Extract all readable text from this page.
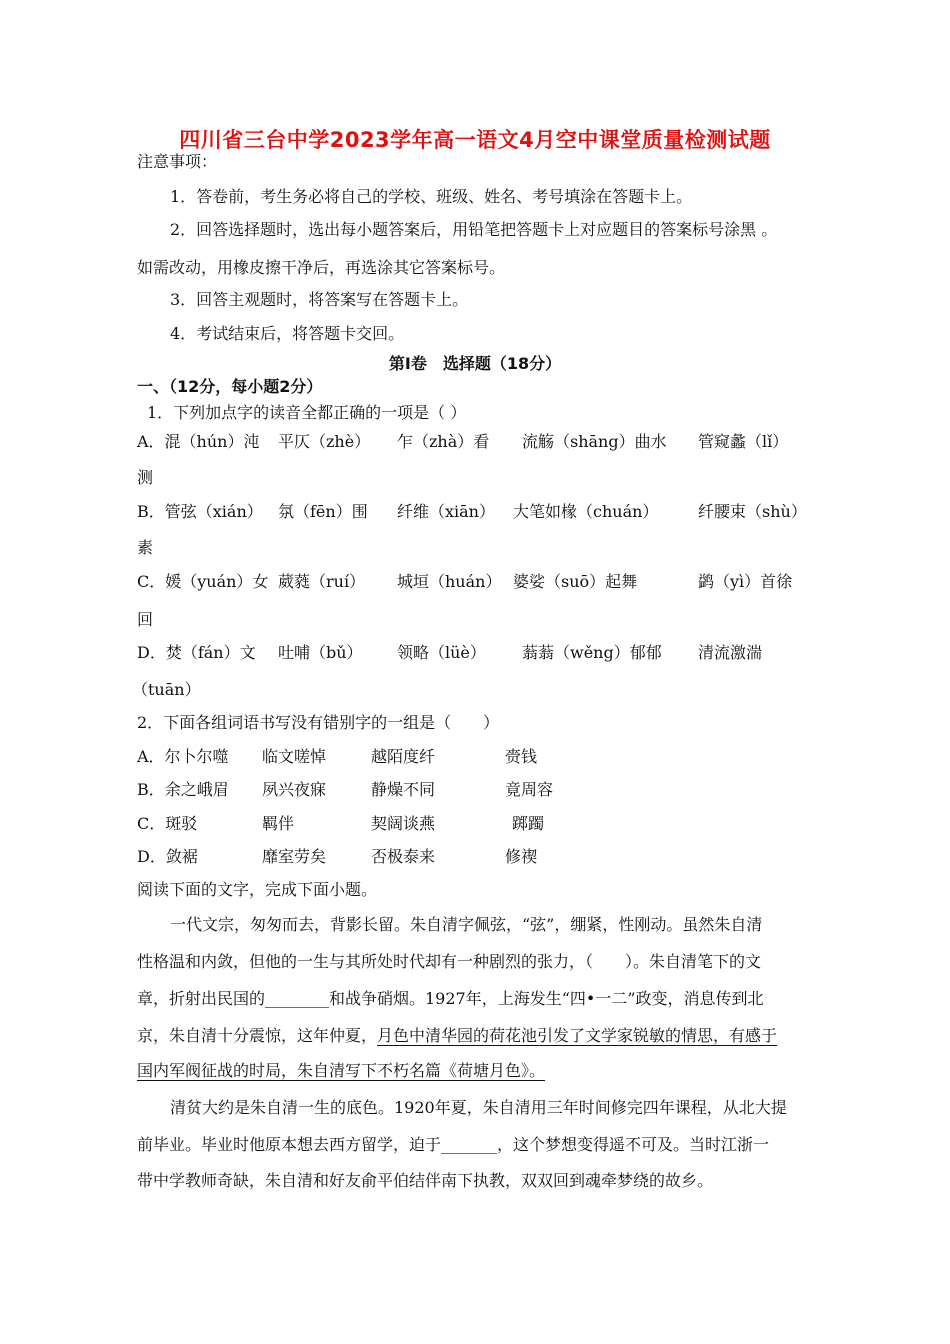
四川省三台中学2023学年高一语文4月空中课堂质量检测试题
注意事项：
1．答卷前，考生务必将自己的学校、班级、姓名、考号填涂在答题卡上。
2．回答选择题时，选出每小题答案后，用铅笔把答题卡上对应题目的答案标号涂黑 。
如需改动，用橡皮擦干净后，再选涂其它答案标号。
3．回答主观题时，将答案写在答题卡上。
4．考试结束后，将答题卡交回。
第Ⅰ卷　选择题（18分）
一、（12分，每小题2分）
1．下列加点字的读音全都正确的一项是（ ）
A．混（hún）沌 平仄（zhè） 乍（zhà）看 流觞（shāng）曲水 管窥蠡（lǐ）
测
B．管弦（xián） 氛（fēn）围 纤维（xiān） 大笔如椽（chuán） 纤腰束（shù）
素
C．媛（yuán）女 葳蕤（ruí） 城垣（huán） 婆娑（suō）起舞	鹢（yì）首徐
回
D．焚（fán）文 吐哺（bǔ） 领略（lüè） 蓊蓊（wěng）郁郁 清流激湍
（tuān）
2．下面各组词语书写没有错别字的一组是（　　）
A．尔卜尔噬 临文嗟悼	越陌度纤	赍钱
B．余之峨眉 夙兴夜寐	静燥不同	竟周容
C．斑驳	羁伴	契阔谈燕	踯躅
D．敛裾	靡室劳矣	否极泰来	修禊
阅读下面的文字，完成下面小题。
一代文宗，匆匆而去，背影长留。朱自清字佩弦，“弦”，绷紧，性刚动。虽然朱自清
性格温和内敛，但他的一生与其所处时代却有一种剧烈的张力，（　　）。朱自清笔下的文
章，折射出民国的________和战争硝烟。1927年，上海发生“四•一二”政变，消息传到北
京，朱自清十分震惊，这年仲夏，月色中清华园的荷花池引发了文学家锐敏的情思，有感于
国内军阀征战的时局，朱自清写下不朽名篇《荷塘月色》。
清贫大约是朱自清一生的底色。1920年夏，朱自清用三年时间修完四年课程，从北大提
前毕业。毕业时他原本想去西方留学，迫于_______，这个梦想变得遥不可及。当时江浙一
带中学教师奇缺，朱自清和好友俞平伯结伴南下执教，双双回到魂牵梦绕的故乡。
